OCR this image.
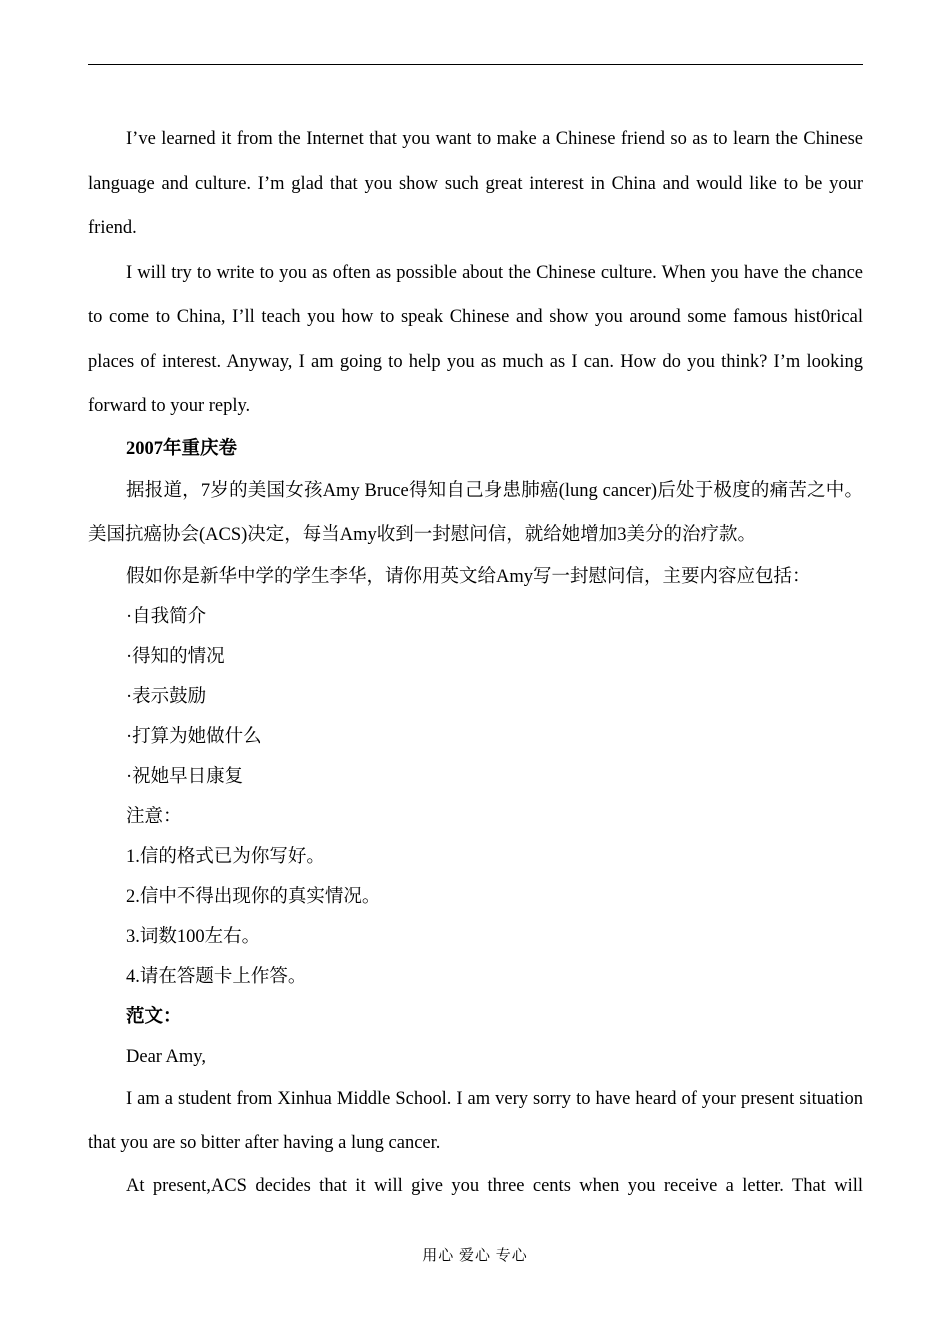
I’ve learned it from the Internet that you want to make a Chinese friend so as to learn the Chinese language and culture. I’m glad that you show such great interest in China and would like to be your friend.

I will try to write to you as often as possible about the Chinese culture. When you have the chance to come to China, I’ll teach you how to speak Chinese and show you around some famous hist0rical places of interest. Anyway, I am going to help you as much as I can. How do you think? I’m looking forward to your reply.

2007年重庆卷

据报道，7岁的美国女孩Amy Bruce得知自己身患肺癌(lung cancer)后处于极度的痛苦之中。美国抗癌协会(ACS)决定，每当Amy收到一封慰问信，就给她增加3美分的治疗款。

假如你是新华中学的学生李华，请你用英文给Amy写一封慰问信，主要内容应包括：

·自我简介

·得知的情况

·表示鼓励

·打算为她做什么

·祝她早日康复

注意：

1.信的格式已为你写好。

2.信中不得出现你的真实情况。

3.词数100左右。

4.请在答题卡上作答。

范文：

Dear Amy,

I am a student from Xinhua Middle School. I am very sorry to have heard of your present situation that you are so bitter after having a lung cancer.

At present,ACS decides that it will give you three cents when you receive a letter. That will

用心 爱心 专心
